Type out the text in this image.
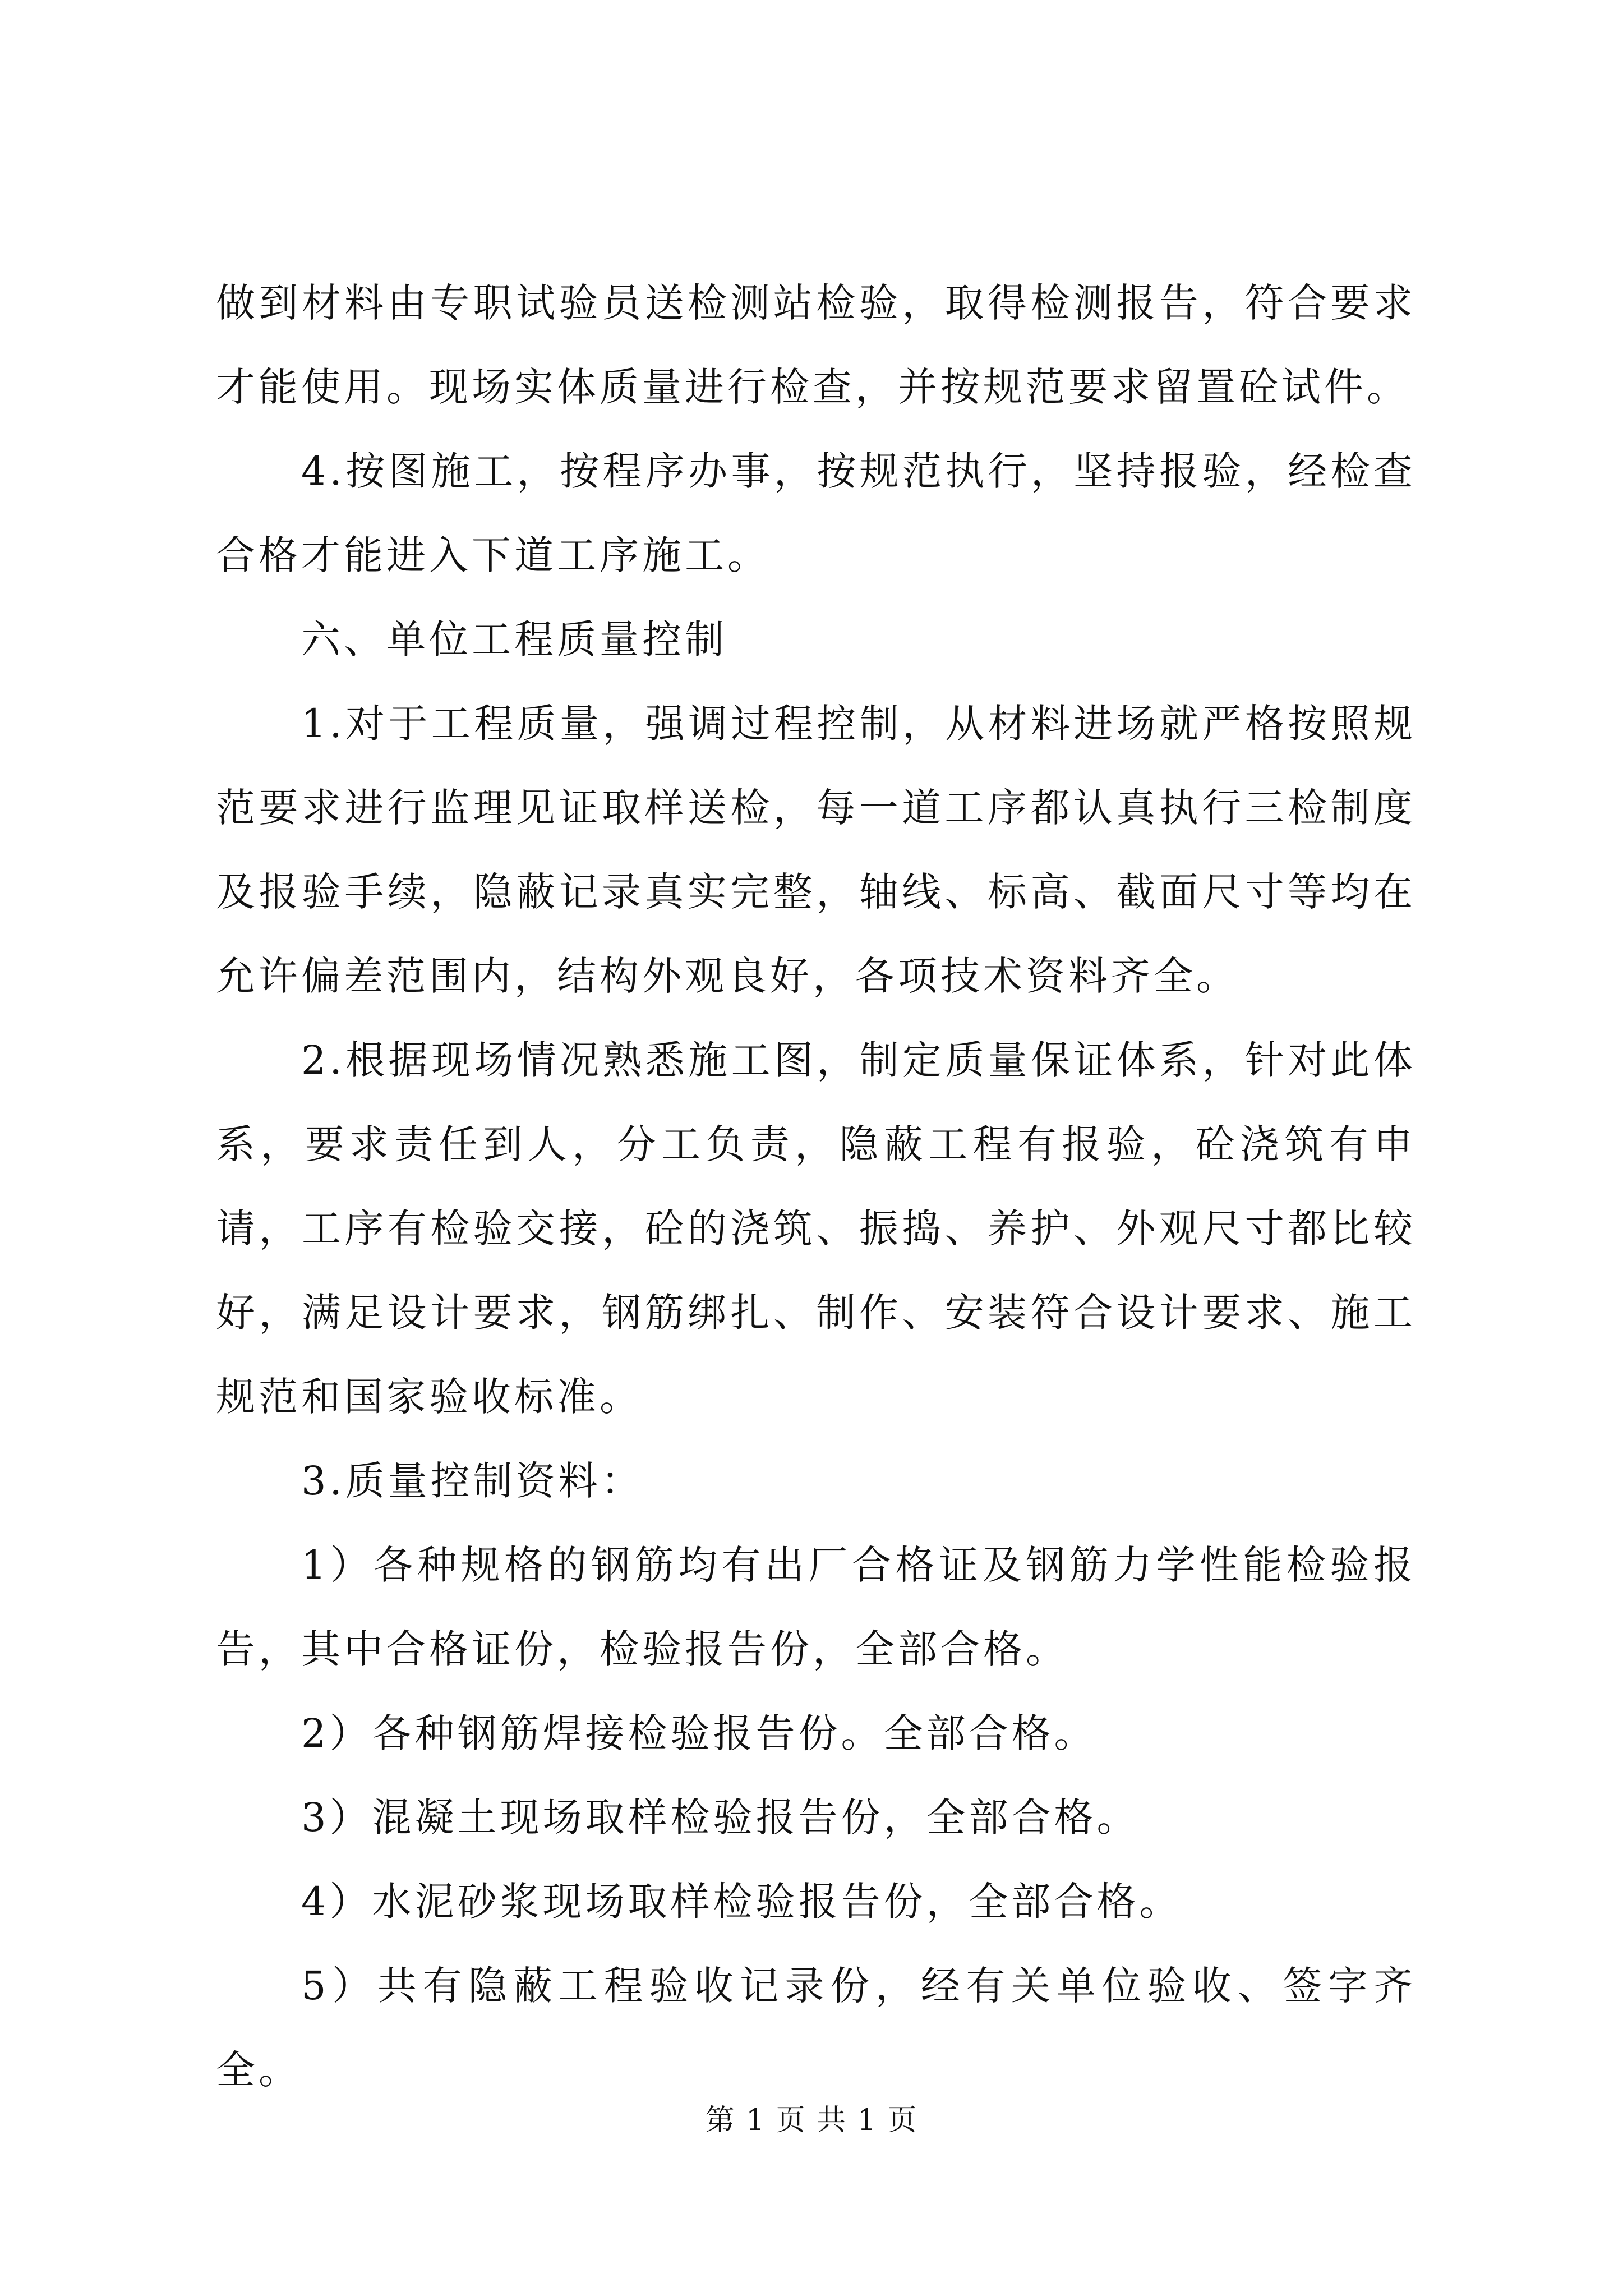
做到材料由专职试验员送检测站检验，取得检测报告，符合要求才能使用。现场实体质量进行检查，并按规范要求留置砼试件。

4.按图施工，按程序办事，按规范执行，坚持报验，经检查合格才能进入下道工序施工。

六、单位工程质量控制

1.对于工程质量，强调过程控制，从材料进场就严格按照规范要求进行监理见证取样送检，每一道工序都认真执行三检制度及报验手续，隐蔽记录真实完整，轴线、标高、截面尺寸等均在允许偏差范围内，结构外观良好，各项技术资料齐全。

2.根据现场情况熟悉施工图，制定质量保证体系，针对此体系，要求责任到人，分工负责，隐蔽工程有报验，砼浇筑有申请，工序有检验交接，砼的浇筑、振捣、养护、外观尺寸都比较好，满足设计要求，钢筋绑扎、制作、安装符合设计要求、施工规范和国家验收标准。

3.质量控制资料：

1）各种规格的钢筋均有出厂合格证及钢筋力学性能检验报告，其中合格证份，检验报告份，全部合格。

2）各种钢筋焊接检验报告份。全部合格。

3）混凝土现场取样检验报告份，全部合格。

4）水泥砂浆现场取样检验报告份，全部合格。

5）共有隐蔽工程验收记录份，经有关单位验收、签字齐全。

第 1 页 共 1 页
